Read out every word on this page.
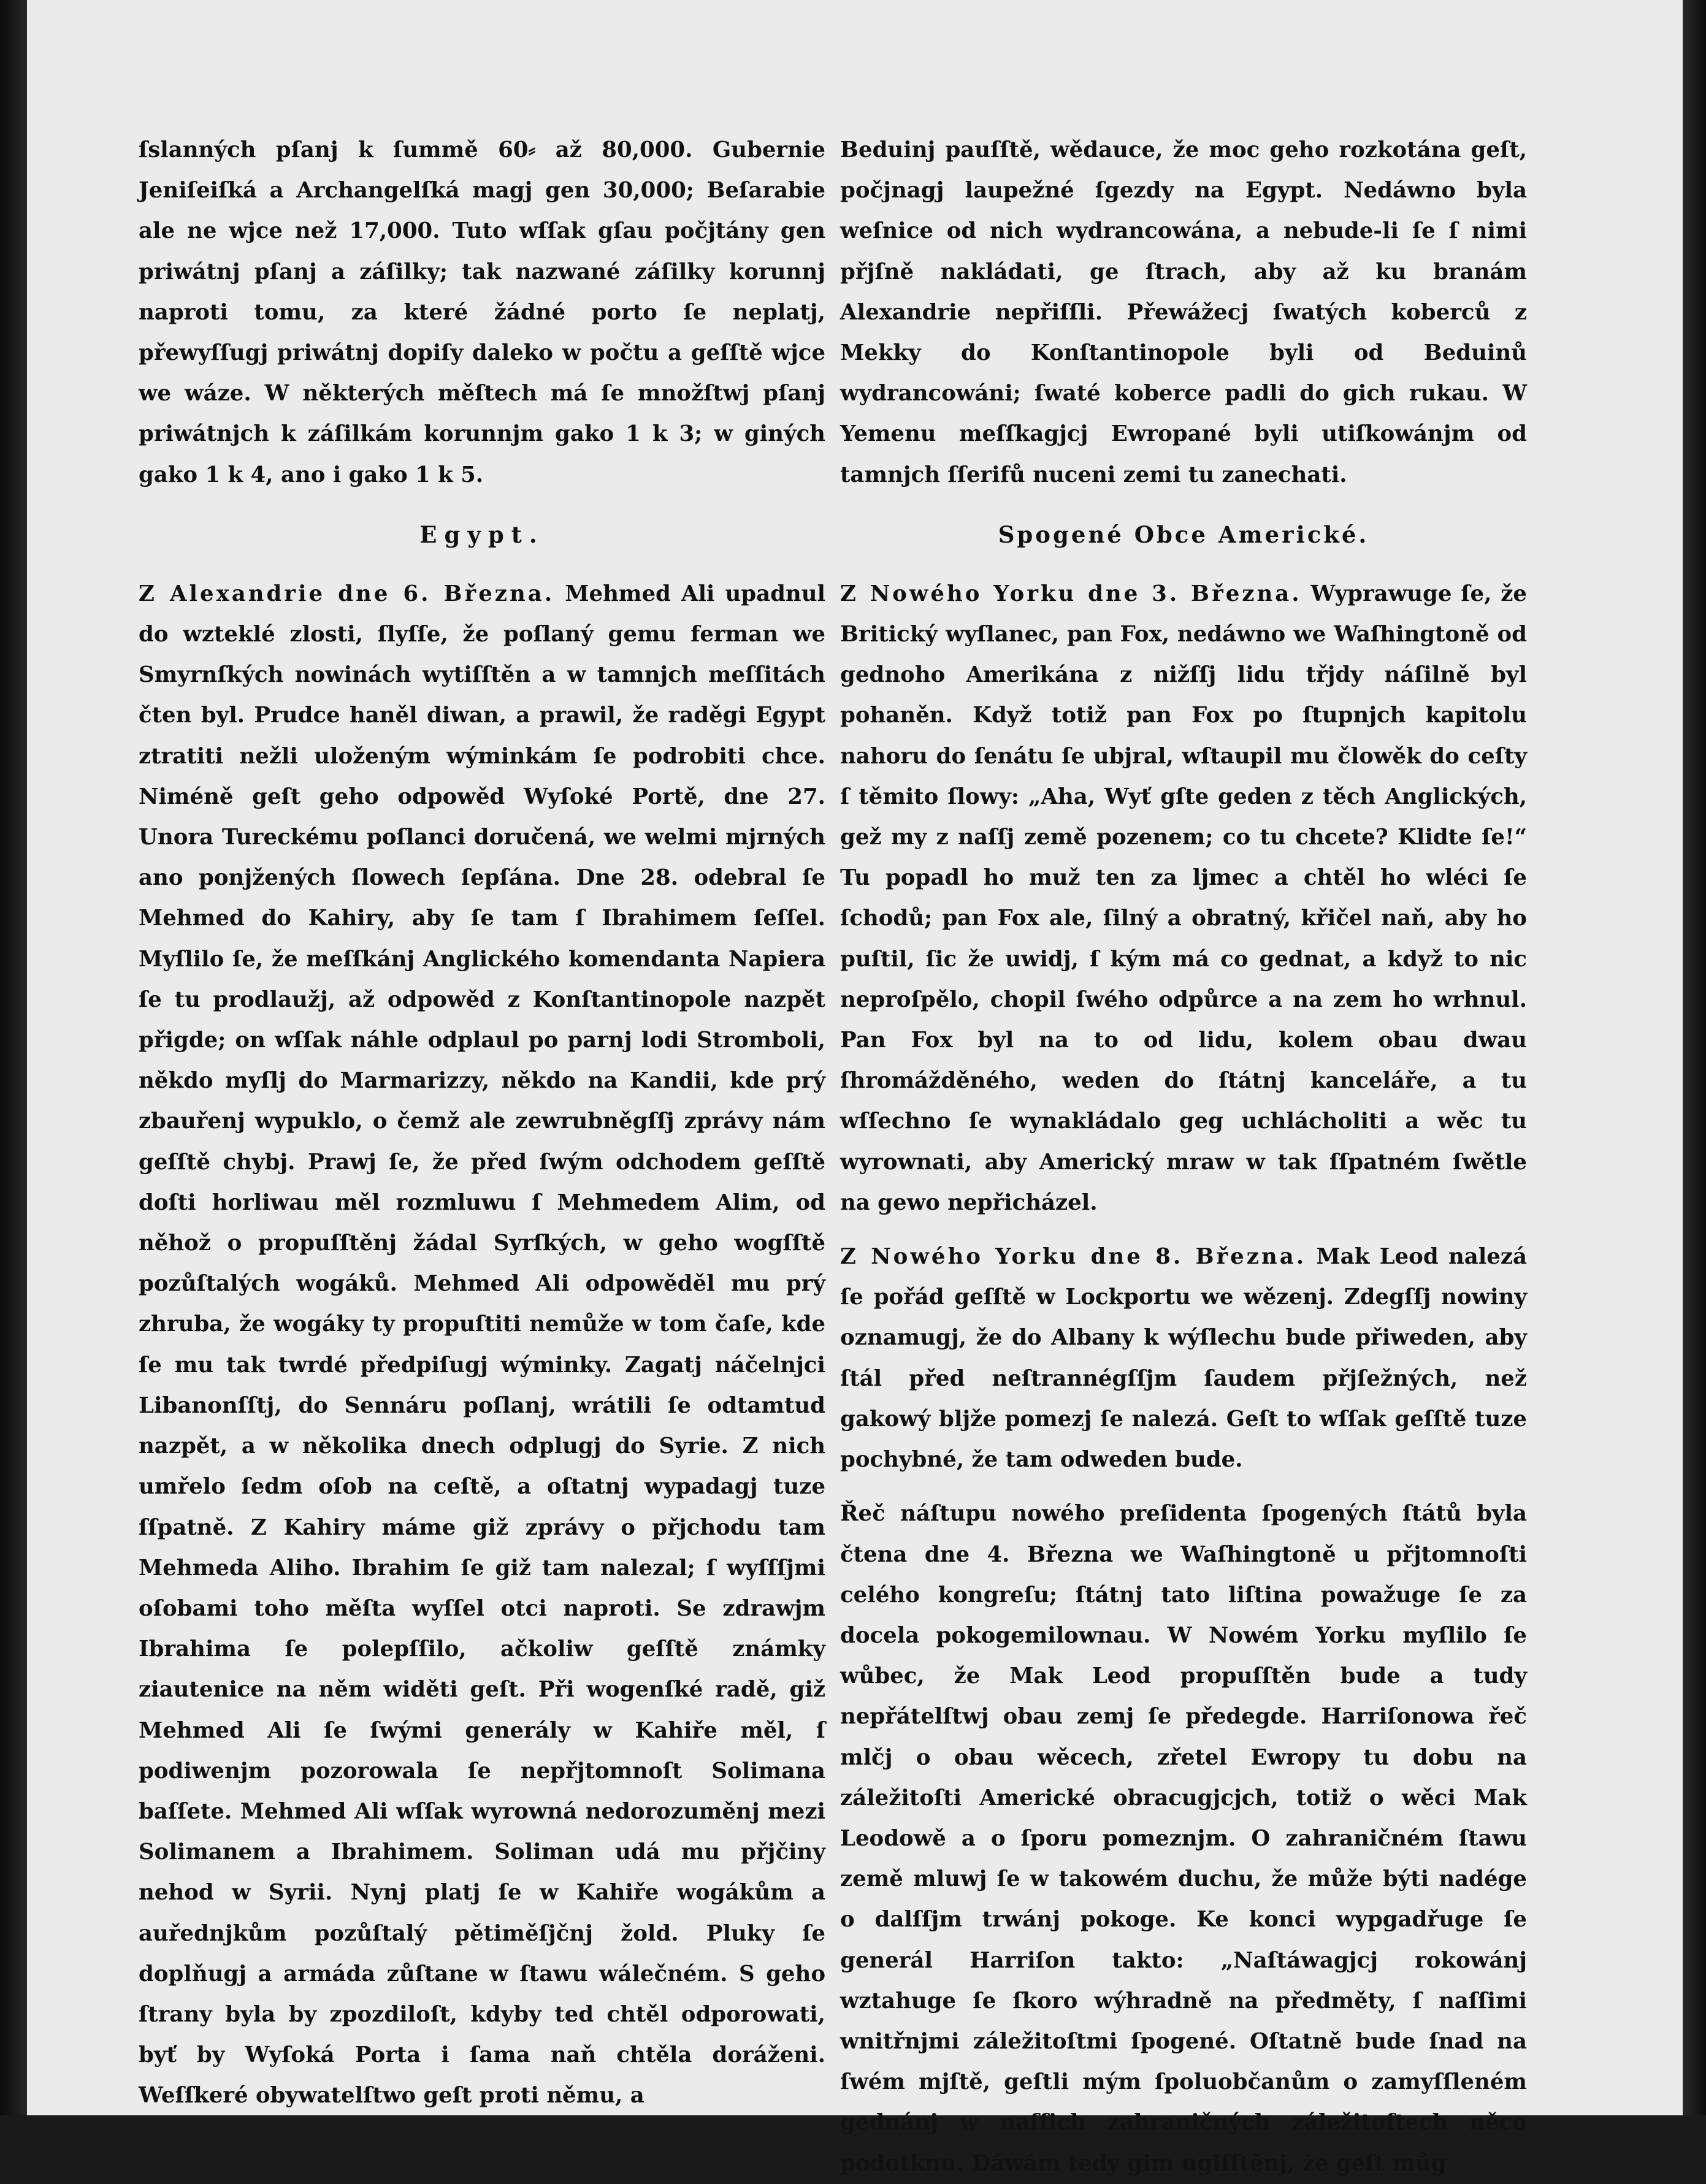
ſslanných pſanj k ſummě 60⸗ až 80,000. Gubernie Jeniſeiſká a Archangelſká magj gen 30,000; Beſarabie ale ne wjce než 17,000. Tuto wſſak gſau počjtány gen priwátnj pſanj a záſilky; tak nazwané záſilky korunnj naproti tomu, za které žádné porto ſe neplatj, přewyſſugj priwátnj dopiſy daleko w počtu a geſſtě wjce we wáze. W některých měſtech má ſe množſtwj pſanj priwátnjch k záſilkám korunnjm gako 1 k 3; w giných gako 1 k 4, ano i gako 1 k 5.

Egypt.

Z Alexandrie dne 6. Března. Mehmed Ali upadnul do wzteklé zlosti, ſlyſſe, že poſlaný gemu ferman we Smyrnſkých nowinách wytiſſtěn a w tamnjch meſſitách čten byl. Prudce haněl diwan, a prawil, že raděgi Egypt ztratiti nežli uloženým wýminkám ſe podrobiti chce. Niméně geſt geho odpowěd Wyſoké Portě, dne 27. Unora Tureckému poſlanci doručená, we welmi mjrných ano ponjžených ſlowech ſepſána. Dne 28. odebral ſe Mehmed do Kahiry, aby ſe tam ſ Ibrahimem ſeſſel. Myſlilo ſe, že meſſkánj Anglického komendanta Napiera ſe tu prodlaužj, až odpowěd z Konſtantinopole nazpět přigde; on wſſak náhle odplaul po parnj lodi Stromboli, někdo myſlj do Marmarizzy, někdo na Kandii, kde prý zbauřenj wypuklo, o čemž ale zewrubněgſſj zprávy nám geſſtě chybj. Prawj ſe, že před ſwým odchodem geſſtě doſti horliwau měl rozmluwu ſ Mehmedem Alim, od něhož o propuſſtěnj žádal Syrſkých, w geho wogſſtě pozůſtalých wogáků. Mehmed Ali odpowěděl mu prý zhruba, že wogáky ty propuſtiti nemůže w tom čaſe, kde ſe mu tak twrdé předpiſugj wýminky. Zagatj náčelnjci Libanonſſtj, do Sennáru poſlanj, wrátili ſe odtamtud nazpět, a w několika dnech odplugj do Syrie. Z nich umřelo ſedm oſob na ceſtě, a oſtatnj wypadagj tuze ſſpatně. Z Kahiry máme giž zprávy o přjchodu tam Mehmeda Aliho. Ibrahim ſe giž tam nalezal; ſ wyſſſjmi oſobami toho měſta wyſſel otci naproti. Se zdrawjm Ibrahima ſe polepſſilo, ačkoliw geſſtě známky ziautenice na něm widěti geſt. Při wogenſké radě, giž Mehmed Ali ſe ſwými generály w Kahiře měl, ſ podiwenjm pozorowala ſe nepřjtomnoſt Solimana baſſete. Mehmed Ali wſſak wyrowná nedorozuměnj mezi Solimanem a Ibrahimem. Soliman udá mu přjčiny nehod w Syrii. Nynj platj ſe w Kahiře wogákům a auřednjkům pozůſtalý pětiměſjčnj žold. Pluky ſe doplňugj a armáda zůſtane w ſtawu wálečném. S geho ſtrany byla by zpozdiloſt, kdyby ted chtěl odporowati, byť by Wyſoká Porta i ſama naň chtěla doráženi. Weſſkeré obywatelſtwo geſt proti němu, a

Beduinj pauſſtě, wědauce, že moc geho rozkotána geſt, počjnagj laupežné ſgezdy na Egypt. Nedáwno byla weſnice od nich wydrancowána, a nebude-li ſe ſ nimi přjſně nakládati, ge ſtrach, aby až ku branám Alexandrie nepřiſſli. Přewážecj ſwatých koberců z Mekky do Konſtantinopole byli od Beduinů wydrancowáni; ſwaté koberce padli do gich rukau. W Yemenu meſſkagjcj Ewropané byli utiſkowánjm od tamnjch ſſerifů nuceni zemi tu zanechati.

Spogené Obce Americké.

Z Nowého Yorku dne 3. Března. Wyprawuge ſe, že Britický wyſlanec, pan Fox, nedáwno we Waſhingtoně od gednoho Amerikána z nižſſj lidu třjdy náſilně byl pohaněn. Když totiž pan Fox po ſtupnjch kapitolu nahoru do ſenátu ſe ubjral, wſtaupil mu člowěk do ceſty ſ těmito ſlowy: „Aha, Wyť gſte geden z těch Anglických, gež my z naſſj země pozenem; co tu chcete? Klidte ſe!“ Tu popadl ho muž ten za ljmec a chtěl ho wléci ſe ſchodů; pan Fox ale, ſilný a obratný, křičel naň, aby ho puſtil, ſic že uwidj, ſ kým má co gednat, a když to nic neproſpělo, chopil ſwého odpůrce a na zem ho wrhnul. Pan Fox byl na to od lidu, kolem obau dwau ſhromážděného, weden do ſtátnj kanceláře, a tu wſſechno ſe wynakládalo geg uchlácholiti a wěc tu wyrownati, aby Americký mraw w tak ſſpatném ſwětle na gewo nepřicházel.

Z Nowého Yorku dne 8. Března. Mak Leod nalezá ſe pořád geſſtě w Lockportu we wězenj. Zdegſſj nowiny oznamugj, že do Albany k wýſlechu bude přiweden, aby ſtál před neſtrannégſſjm ſaudem přjſežných, než gakowý blјže pomezj ſe nalezá. Geſt to wſſak geſſtě tuze pochybné, že tam odweden bude.

Řeč náſtupu nowého preſidenta ſpogených ſtátů byla čtena dne 4. Března we Waſhingtoně u přjtomnoſti celého kongreſu; ſtátnj tato liſtina powažuge ſe za docela pokogemilownau. W Nowém Yorku myſlilo ſe wůbec, že Mak Leod propuſſtěn bude a tudy nepřátelſtwj obau zemj ſe předegde. Harriſonowa řeč mlčj o obau wěcech, zřetel Ewropy tu dobu na záležitoſti Americké obracugjcjch, totiž o wěci Mak Leodowě a o ſporu pomeznjm. O zahraničném ſtawu země mluwj ſe w takowém duchu, že může býti nadége o dalſſjm trwánj pokoge. Ke konci wypgadřuge ſe generál Harriſon takto: „Naſtáwagjcj rokowánj wztahuge ſe ſkoro wýhradně na předměty, ſ naſſimi wnitřnjmi záležitoſtmi ſpogené. Oſtatně bude ſnad na ſwém mjſtě, geſtli mým ſpoluobčanům o zamyſſleném gednánj w naſſich zahraničných záležitoſtech něco podotknu. Dáwám tedy gim ugiſſtěnj, že geſt můg
